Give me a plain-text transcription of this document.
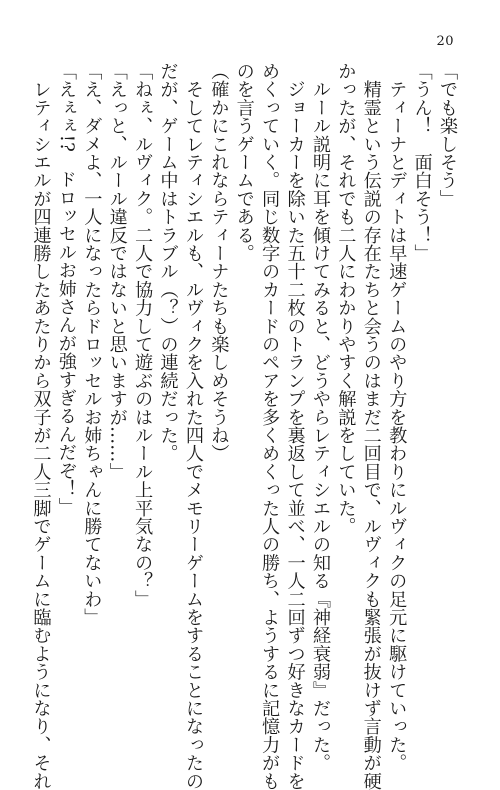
20
「でも楽しそう」
「うん！　面白そう！」
　ティーナとディトは早速ゲームのやり方を教わりにルヴィクの足元に駆けていった。
　精霊という伝説の存在たちと会うのはまだ二回目で、ルヴィクも緊張が抜けず言動が硬
かったが、それでも二人にわかりやすく解説をしていた。
　ルール説明に耳を傾けてみると、どうやらレティシエルの知る『神経衰弱』だった。
　ジョーカーを除いた五十二枚のトランプを裏返して並べ、一人二回ずつ好きなカードを
めくっていく。同じ数字のカードのペアを多くめくった人の勝ち、ようするに記憶力がも
のを言うゲームである。
（確かにこれならティーナたちも楽しめそうね）
　そしてレティシエルも、ルヴィクを入れた四人でメモリーゲームをすることになったの
だが、ゲーム中はトラブル（？）の連続だった。
「ねぇ、ルヴィク。二人で協力して遊ぶのはルール上平気なの？」
「えっと、ルール違反ではないと思いますが……」
「え、ダメよ、一人になったらドロッセルお姉ちゃんに勝てないわ」
「えぇぇ!?　ドロッセルお姉さんが強すぎるんだぞ！」
　レティシエルが四連勝したあたりから双子が二人三脚でゲームに臨むようになり、それ
